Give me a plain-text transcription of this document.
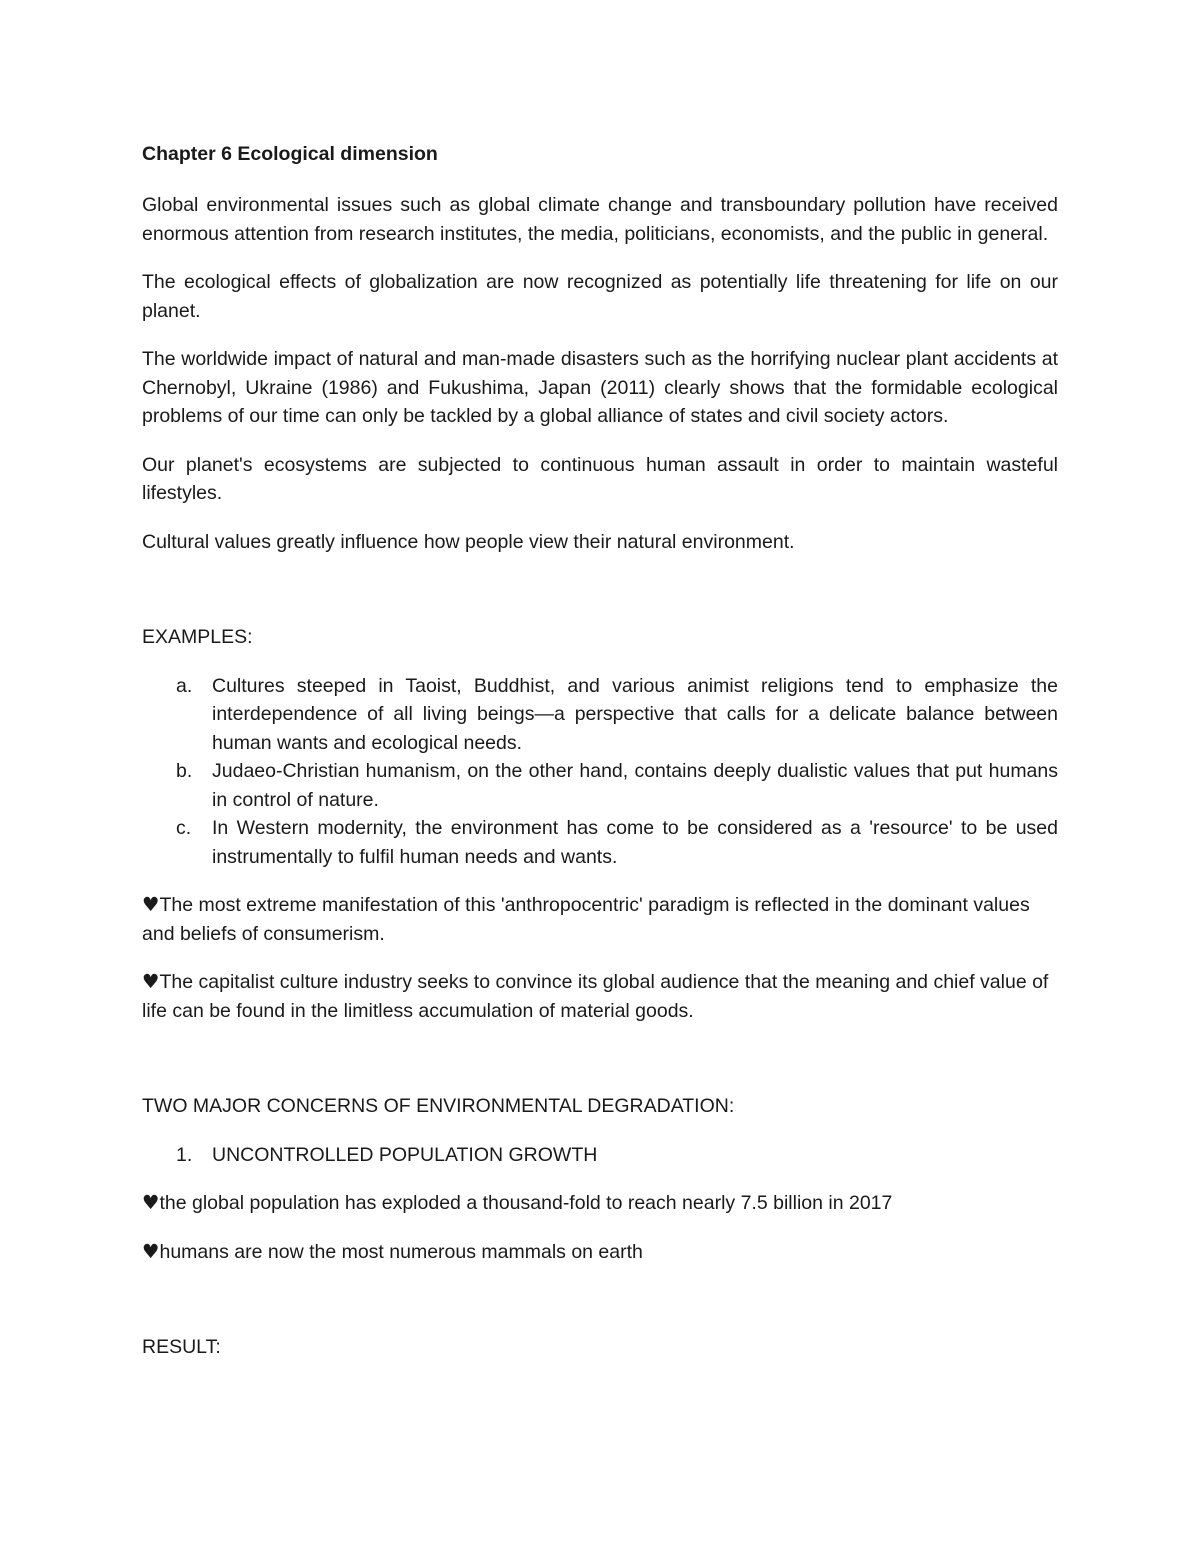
Chapter 6 Ecological dimension

Global environmental issues such as global climate change and transboundary pollution have received enormous attention from research institutes, the media, politicians, economists, and the public in general.

The ecological effects of globalization are now recognized as potentially life threatening for life on our planet.

The worldwide impact of natural and man-made disasters such as the horrifying nuclear plant accidents at Chernobyl, Ukraine (1986) and Fukushima, Japan (2011) clearly shows that the formidable ecological problems of our time can only be tackled by a global alliance of states and civil society actors.

Our planet's ecosystems are subjected to continuous human assault in order to maintain wasteful lifestyles.

Cultural values greatly influence how people view their natural environment.

EXAMPLES:

a. Cultures steeped in Taoist, Buddhist, and various animist religions tend to emphasize the interdependence of all living beings—a perspective that calls for a delicate balance between human wants and ecological needs.
b. Judaeo-Christian humanism, on the other hand, contains deeply dualistic values that put humans in control of nature.
c. In Western modernity, the environment has come to be considered as a 'resource' to be used instrumentally to fulfil human needs and wants.

♥The most extreme manifestation of this 'anthropocentric' paradigm is reflected in the dominant values and beliefs of consumerism.

♥The capitalist culture industry seeks to convince its global audience that the meaning and chief value of life can be found in the limitless accumulation of material goods.

TWO MAJOR CONCERNS OF ENVIRONMENTAL DEGRADATION:

1. UNCONTROLLED POPULATION GROWTH

♥the global population has exploded a thousand-fold to reach nearly 7.5 billion in 2017

♥humans are now the most numerous mammals on earth

RESULT:
